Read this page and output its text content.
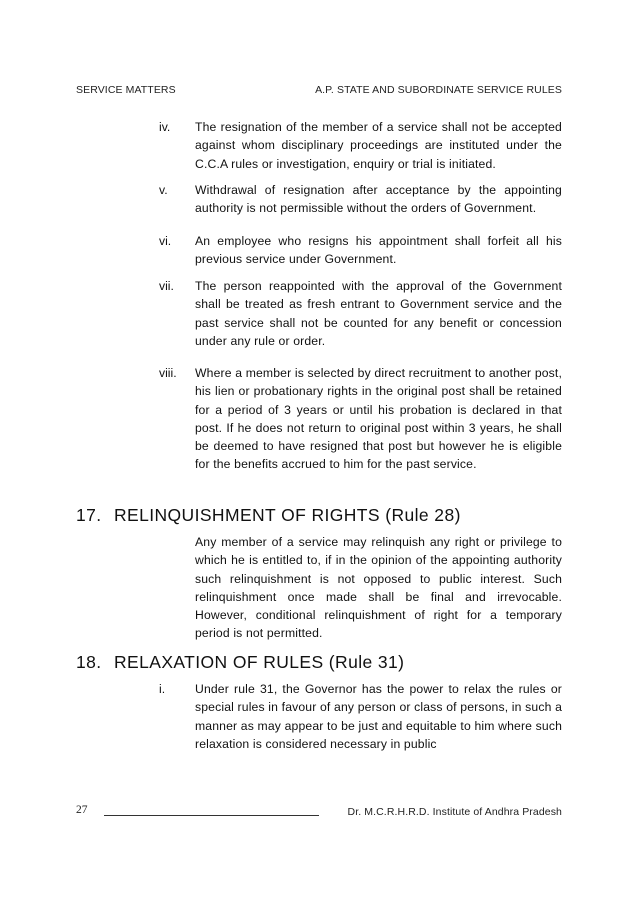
SERVICE MATTERS	A.P. STATE AND SUBORDINATE SERVICE RULES
iv.	The resignation of the member of a service shall not be accepted against whom disciplinary proceedings are instituted under the C.C.A rules or investigation, enquiry or trial is initiated.
v.	Withdrawal of resignation after acceptance by the appointing authority is not permissible without the orders of Government.
vi.	An employee who resigns his appointment shall forfeit all his previous service under Government.
vii.	The person reappointed with the approval of the Government shall be treated as fresh entrant to Government service and the past service shall not be counted for any benefit or concession under any rule or order.
viii.	Where a member is selected by direct recruitment to another post, his lien or probationary rights in the original post shall be retained for a period of 3 years or until his probation is declared in that post. If he does not return to original post within 3 years, he shall be deemed to have resigned that post but however he is eligible for the benefits accrued to him for the past service.
17. RELINQUISHMENT OF RIGHTS (Rule 28)
Any member of a service may relinquish any right or privilege to which he is entitled to, if in the opinion of the appointing authority such relinquishment is not opposed to public interest. Such relinquishment once made shall be final and irrevocable. However, conditional relinquishment of right for a temporary period is not permitted.
18. RELAXATION OF RULES (Rule 31)
i.	Under rule 31, the Governor has the power to relax the rules or special rules in favour of any person or class of persons, in such a manner as may appear to be just and equitable to him where such relaxation is considered necessary in public
27	Dr. M.C.R.H.R.D. Institute of Andhra Pradesh
